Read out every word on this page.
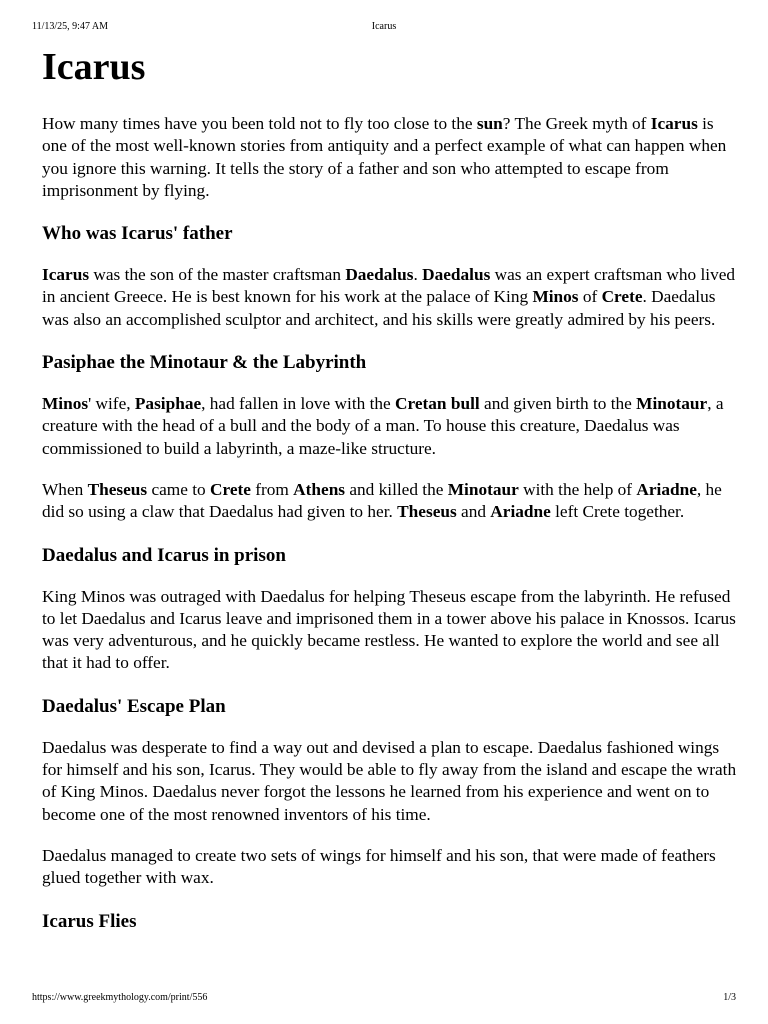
11/13/25, 9:47 AM	Icarus
Icarus

How many times have you been told not to fly too close to the sun? The Greek myth of Icarus is one of the most well-known stories from antiquity and a perfect example of what can happen when you ignore this warning. It tells the story of a father and son who attempted to escape from imprisonment by flying.

Who was Icarus' father

Icarus was the son of the master craftsman Daedalus. Daedalus was an expert craftsman who lived in ancient Greece. He is best known for his work at the palace of King Minos of Crete. Daedalus was also an accomplished sculptor and architect, and his skills were greatly admired by his peers.

Pasiphae the Minotaur & the Labyrinth

Minos' wife, Pasiphae, had fallen in love with the Cretan bull and given birth to the Minotaur, a creature with the head of a bull and the body of a man. To house this creature, Daedalus was commissioned to build a labyrinth, a maze-like structure.

When Theseus came to Crete from Athens and killed the Minotaur with the help of Ariadne, he did so using a claw that Daedalus had given to her. Theseus and Ariadne left Crete together.

Daedalus and Icarus in prison

King Minos was outraged with Daedalus for helping Theseus escape from the labyrinth. He refused to let Daedalus and Icarus leave and imprisoned them in a tower above his palace in Knossos. Icarus was very adventurous, and he quickly became restless. He wanted to explore the world and see all that it had to offer.

Daedalus' Escape Plan

Daedalus was desperate to find a way out and devised a plan to escape. Daedalus fashioned wings for himself and his son, Icarus. They would be able to fly away from the island and escape the wrath of King Minos. Daedalus never forgot the lessons he learned from his experience and went on to become one of the most renowned inventors of his time.

Daedalus managed to create two sets of wings for himself and his son, that were made of feathers glued together with wax.

Icarus Flies
https://www.greekmythology.com/print/556	1/3
